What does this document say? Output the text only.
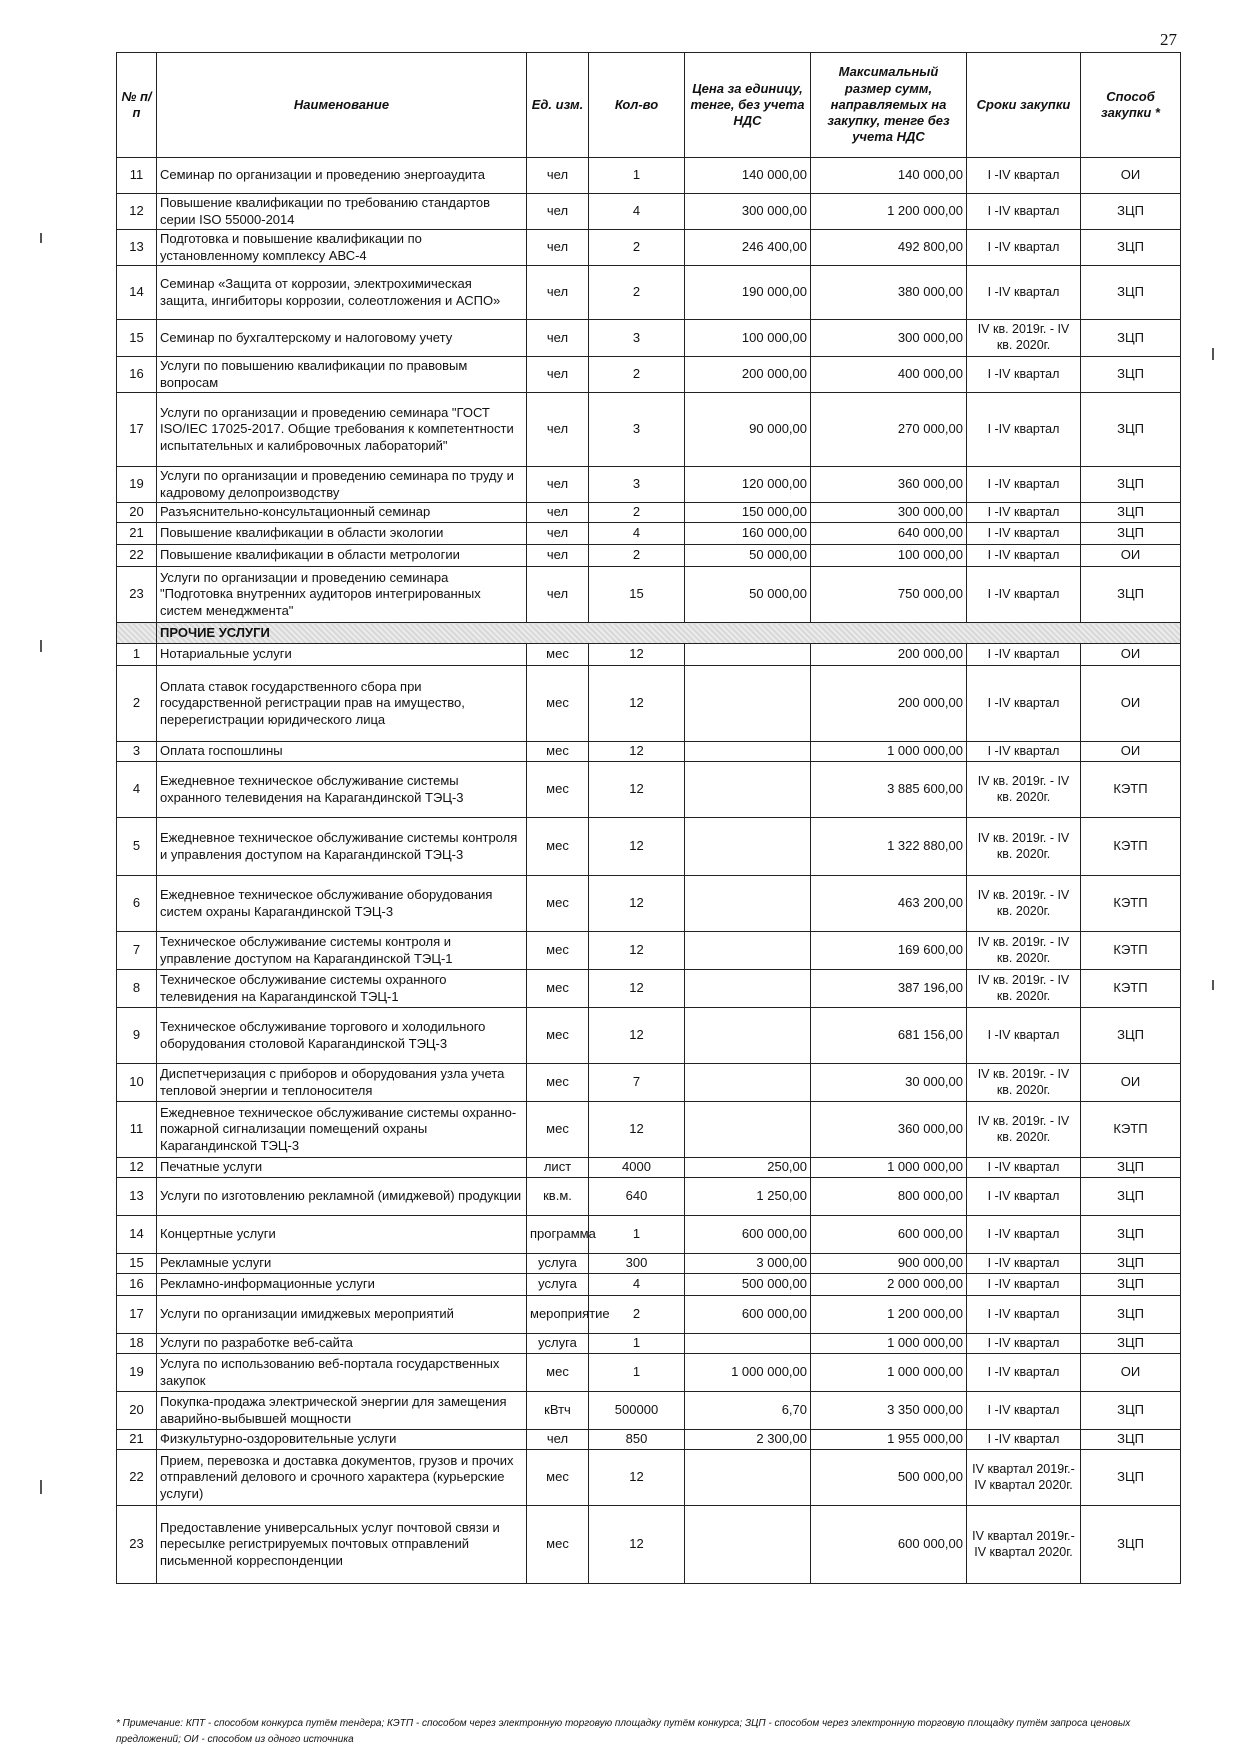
27
№ п/п	Наименование	Ед. изм.	Кол-во	Цена за единицу, тенге, без учета НДС	Максимальный размер сумм, направляемых на закупку, тенге без учета НДС	Сроки закупки	Способ закупки *
11	Семинар по организации и проведению энергоаудита	чел	1	140 000,00	140 000,00	I -IV квартал	ОИ
12	Повышение квалификации по требованию стандартов серии ISO 55000-2014	чел	4	300 000,00	1 200 000,00	I -IV квартал	ЗЦП
13	Подготовка и повышение квалификации по установленному комплексу АВС-4	чел	2	246 400,00	492 800,00	I -IV квартал	ЗЦП
14	Семинар «Защита от коррозии, электрохимическая защита, ингибиторы коррозии, солеотложения и АСПО»	чел	2	190 000,00	380 000,00	I -IV квартал	ЗЦП
15	Семинар по бухгалтерскому и налоговому учету	чел	3	100 000,00	300 000,00	IV кв. 2019г. - IV кв. 2020г.	ЗЦП
16	Услуги по повышению квалификации по правовым вопросам	чел	2	200 000,00	400 000,00	I -IV квартал	ЗЦП
17	Услуги по организации и проведению семинара "ГОСТ ISO/IEC 17025-2017. Общие требования к компетентности испытательных и калибровочных лабораторий"	чел	3	90 000,00	270 000,00	I -IV квартал	ЗЦП
19	Услуги по организации и проведению семинара по труду и кадровому делопроизводству	чел	3	120 000,00	360 000,00	I -IV квартал	ЗЦП
20	Разъяснительно-консультационный семинар	чел	2	150 000,00	300 000,00	I -IV квартал	ЗЦП
21	Повышение квалификации в области экологии	чел	4	160 000,00	640 000,00	I -IV квартал	ЗЦП
22	Повышение квалификации в области метрологии	чел	2	50 000,00	100 000,00	I -IV квартал	ОИ
23	Услуги по организации и проведению семинара "Подготовка внутренних аудиторов интегрированных систем менеджмента"	чел	15	50 000,00	750 000,00	I -IV квартал	ЗЦП
	ПРОЧИЕ УСЛУГИ						
1	Нотариальные услуги	мес	12		200 000,00	I -IV квартал	ОИ
2	Оплата ставок государственного сбора при государственной регистрации прав на имущество, перерегистрации юридического лица	мес	12		200 000,00	I -IV квартал	ОИ
3	Оплата госпошлины	мес	12		1 000 000,00	I -IV квартал	ОИ
4	Ежедневное техническое обслуживание системы охранного телевидения на Карагандинской ТЭЦ-3	мес	12		3 885 600,00	IV кв. 2019г. - IV кв. 2020г.	КЭТП
5	Ежедневное техническое обслуживание системы контроля и управления доступом на Карагандинской ТЭЦ-3	мес	12		1 322 880,00	IV кв. 2019г. - IV кв. 2020г.	КЭТП
6	Ежедневное техническое обслуживание оборудования систем охраны Карагандинской ТЭЦ-3	мес	12		463 200,00	IV кв. 2019г. - IV кв. 2020г.	КЭТП
7	Техническое обслуживание системы контроля и управление доступом на Карагандинской ТЭЦ-1	мес	12		169 600,00	IV кв. 2019г. - IV кв. 2020г.	КЭТП
8	Техническое обслуживание системы охранного телевидения на Карагандинской ТЭЦ-1	мес	12		387 196,00	IV кв. 2019г. - IV кв. 2020г.	КЭТП
9	Техническое обслуживание торгового и холодильного оборудования столовой Карагандинской ТЭЦ-3	мес	12		681 156,00	I -IV квартал	ЗЦП
10	Диспетчеризация с приборов и оборудования узла учета тепловой энергии и теплоносителя	мес	7		30 000,00	IV кв. 2019г. - IV кв. 2020г.	ОИ
11	Ежедневное техническое обслуживание системы охранно-пожарной сигнализации помещений охраны Карагандинской ТЭЦ-3	мес	12		360 000,00	IV кв. 2019г. - IV кв. 2020г.	КЭТП
12	Печатные услуги	лист	4000	250,00	1 000 000,00	I -IV квартал	ЗЦП
13	Услуги по изготовлению рекламной (имиджевой) продукции	кв.м.	640	1 250,00	800 000,00	I -IV квартал	ЗЦП
14	Концертные услуги	программа	1	600 000,00	600 000,00	I -IV квартал	ЗЦП
15	Рекламные услуги	услуга	300	3 000,00	900 000,00	I -IV квартал	ЗЦП
16	Рекламно-информационные услуги	услуга	4	500 000,00	2 000 000,00	I -IV квартал	ЗЦП
17	Услуги по организации имиджевых мероприятий	мероприятие	2	600 000,00	1 200 000,00	I -IV квартал	ЗЦП
18	Услуги по разработке веб-сайта	услуга	1		1 000 000,00	I -IV квартал	ЗЦП
19	Услуга по использованию веб-портала государственных закупок	мес	1	1 000 000,00	1 000 000,00	I -IV квартал	ОИ
20	Покупка-продажа электрической энергии для замещения аварийно-выбывшей мощности	кВтч	500000	6,70	3 350 000,00	I -IV квартал	ЗЦП
21	Физкультурно-оздоровительные услуги	чел	850	2 300,00	1 955 000,00	I -IV квартал	ЗЦП
22	Прием, перевозка и доставка документов, грузов и прочих отправлений делового и срочного характера (курьерские услуги)	мес	12		500 000,00	IV квартал 2019г.-IV квартал 2020г.	ЗЦП
23	Предоставление универсальных услуг почтовой связи и пересылке регистрируемых почтовых отправлений письменной корреспонденции	мес	12		600 000,00	IV квартал 2019г.-IV квартал 2020г.	ЗЦП
* Примечание: КПТ - способом конкурса путём тендера; КЭТП - способом через электронную торговую площадку путём конкурса; ЗЦП - способом через электронную торговую площадку путём запроса ценовых предложений; ОИ - способом из одного источника
